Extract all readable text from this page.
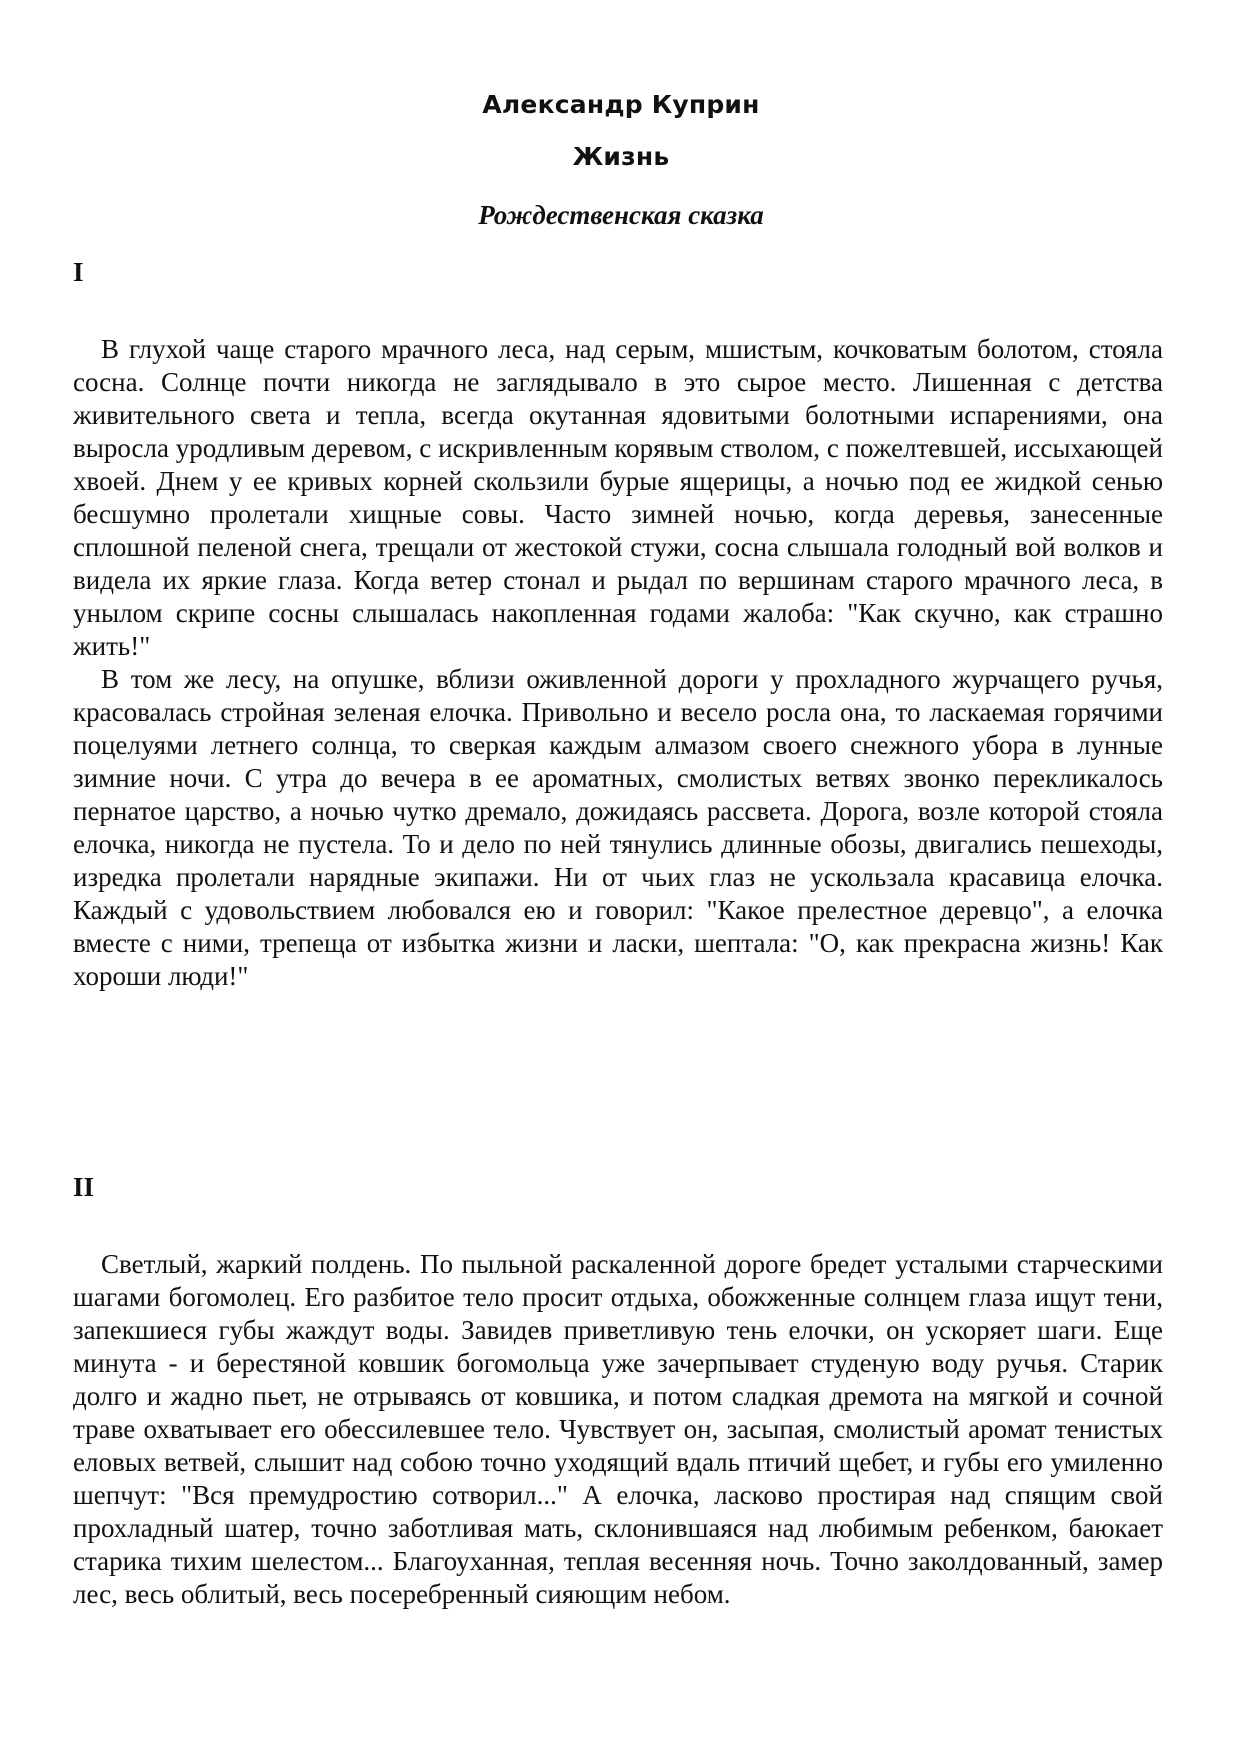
Александр Куприн
Жизнь
Рождественская сказка
I

В глухой чаще старого мрачного леса, над серым, мшистым, кочковатым болотом, стояла сосна. Солнце почти никогда не заглядывало в это сырое место. Лишенная с детства живительного света и тепла, всегда окутанная ядовитыми болотными испарениями, она выросла уродливым деревом, с искривленным корявым стволом, с пожелтевшей, иссыхающей хвоей. Днем у ее кривых корней скользили бурые ящерицы, а ночью под ее жидкой сенью бесшумно пролетали хищные совы. Часто зимней ночью, когда деревья, занесенные сплошной пеленой снега, трещали от жестокой стужи, сосна слышала голодный вой волков и видела их яркие глаза. Когда ветер стонал и рыдал по вершинам старого мрачного леса, в унылом скрипе сосны слышалась накопленная годами жалоба: "Как скучно, как страшно жить!"

В том же лесу, на опушке, вблизи оживленной дороги у прохладного журчащего ручья, красовалась стройная зеленая елочка. Привольно и весело росла она, то ласкаемая горячими поцелуями летнего солнца, то сверкая каждым алмазом своего снежного убора в лунные зимние ночи. С утра до вечера в ее ароматных, смолистых ветвях звонко перекликалось пернатое царство, а ночью чутко дремало, дожидаясь рассвета. Дорога, возле которой стояла елочка, никогда не пустела. То и дело по ней тянулись длинные обозы, двигались пешеходы, изредка пролетали нарядные экипажи. Ни от чьих глаз не ускользала красавица елочка. Каждый с удовольствием любовался ею и говорил: "Какое прелестное деревцо", а елочка вместе с ними, трепеща от избытка жизни и ласки, шептала: "О, как прекрасна жизнь! Как хороши люди!"

II

Светлый, жаркий полдень. По пыльной раскаленной дороге бредет усталыми старческими шагами богомолец. Его разбитое тело просит отдыха, обожженные солнцем глаза ищут тени, запекшиеся губы жаждут воды. Завидев приветливую тень елочки, он ускоряет шаги. Еще минута - и берестяной ковшик богомольца уже зачерпывает студеную воду ручья. Старик долго и жадно пьет, не отрываясь от ковшика, и потом сладкая дремота на мягкой и сочной траве охватывает его обессилевшее тело. Чувствует он, засыпая, смолистый аромат тенистых еловых ветвей, слышит над собою точно уходящий вдаль птичий щебет, и губы его умиленно шепчут: "Вся премудростию сотворил..." А елочка, ласково простирая над спящим свой прохладный шатер, точно заботливая мать, склонившаяся над любимым ребенком, баюкает старика тихим шелестом... Благоуханная, теплая весенняя ночь. Точно заколдованный, замер лес, весь облитый, весь посеребренный сияющим небом.
